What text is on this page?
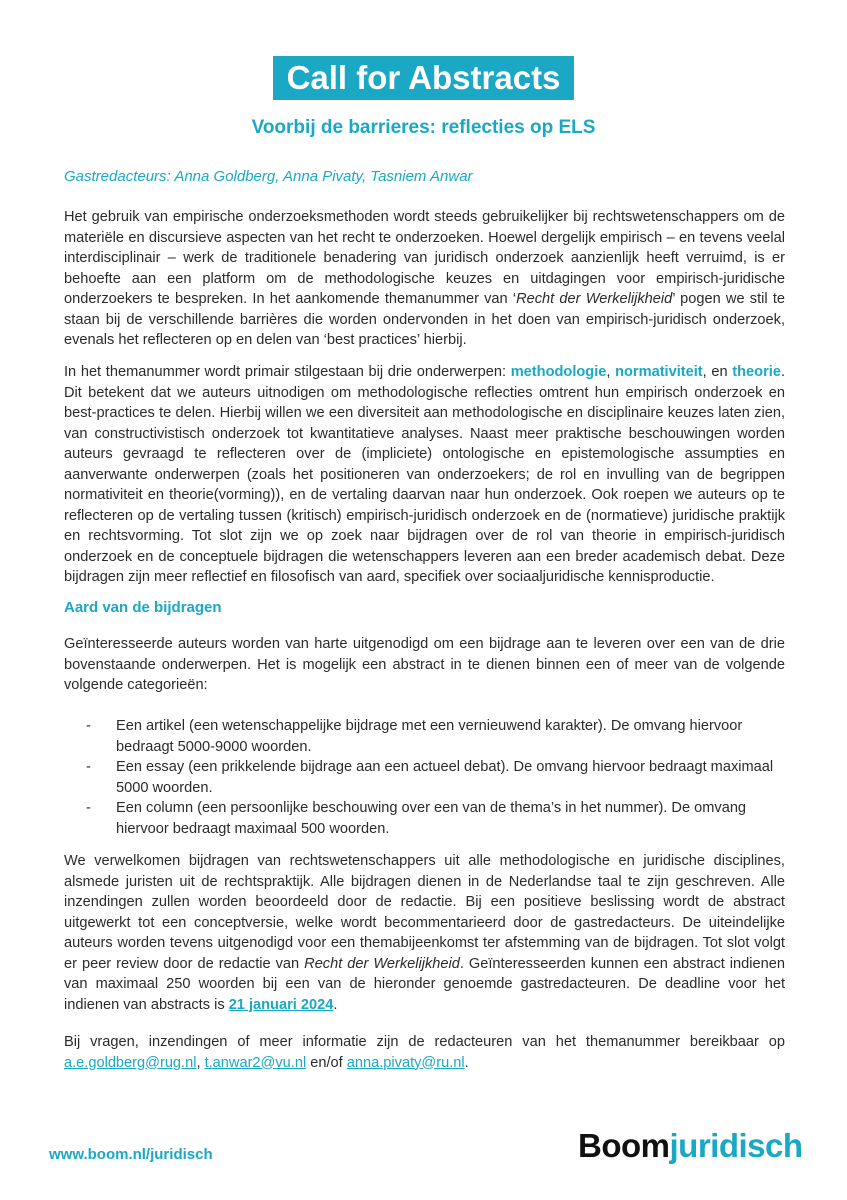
Call for Abstracts
Voorbij de barrieres: reflecties op ELS
Gastredacteurs: Anna Goldberg, Anna Pivaty, Tasniem Anwar
Het gebruik van empirische onderzoeksmethoden wordt steeds gebruikelijker bij rechtswetenschappers om de materiële en discursieve aspecten van het recht te onderzoeken. Hoewel dergelijk empirisch – en tevens veelal interdisciplinair – werk de traditionele benadering van juridisch onderzoek aanzienlijk heeft verruimd, is er behoefte aan een platform om de methodologische keuzes en uitdagingen voor empirisch-juridische onderzoekers te bespreken. In het aankomende themanummer van ‘Recht der Werkelijkheid’ pogen we stil te staan bij de verschillende barrières die worden ondervonden in het doen van empirisch-juridisch onderzoek, evenals het reflecteren op en delen van ‘best practices’ hierbij.
In het themanummer wordt primair stilgestaan bij drie onderwerpen: methodologie, normativiteit, en theorie. Dit betekent dat we auteurs uitnodigen om methodologische reflecties omtrent hun empirisch onderzoek en best-practices te delen. Hierbij willen we een diversiteit aan methodologische en disciplinaire keuzes laten zien, van constructivistisch onderzoek tot kwantitatieve analyses. Naast meer praktische beschouwingen worden auteurs gevraagd te reflecteren over de (impliciete) ontologische en epistemologische assumpties en aanverwante onderwerpen (zoals het positioneren van onderzoekers; de rol en invulling van de begrippen normativiteit en theorie(vorming)), en de vertaling daarvan naar hun onderzoek. Ook roepen we auteurs op te reflecteren op de vertaling tussen (kritisch) empirisch-juridisch onderzoek en de (normatieve) juridische praktijk en rechtsvorming. Tot slot zijn we op zoek naar bijdragen over de rol van theorie in empirisch-juridisch onderzoek en de conceptuele bijdragen die wetenschappers leveren aan een breder academisch debat. Deze bijdragen zijn meer reflectief en filosofisch van aard, specifiek over sociaaljuridische kennisproductie.
Aard van de bijdragen
Geïnteresseerde auteurs worden van harte uitgenodigd om een bijdrage aan te leveren over een van de drie bovenstaande onderwerpen. Het is mogelijk een abstract in te dienen binnen een of meer van de volgende volgende categorieën:
-	Een artikel (een wetenschappelijke bijdrage met een vernieuwend karakter). De omvang hiervoor bedraagt 5000-9000 woorden.
-	Een essay (een prikkelende bijdrage aan een actueel debat). De omvang hiervoor bedraagt maximaal 5000 woorden.
-	Een column (een persoonlijke beschouwing over een van de thema’s in het nummer). De omvang hiervoor bedraagt maximaal 500 woorden.
We verwelkomen bijdragen van rechtswetenschappers uit alle methodologische en juridische disciplines, alsmede juristen uit de rechtspraktijk. Alle bijdragen dienen in de Nederlandse taal te zijn geschreven. Alle inzendingen zullen worden beoordeeld door de redactie. Bij een positieve beslissing wordt de abstract uitgewerkt tot een conceptversie, welke wordt becommentarieerd door de gastredacteurs. De uiteindelijke auteurs worden tevens uitgenodigd voor een themabijeenkomst ter afstemming van de bijdragen. Tot slot volgt er peer review door de redactie van Recht der Werkelijkheid. Geïnteresseerden kunnen een abstract indienen van maximaal 250 woorden bij een van de hieronder genoemde gastredacteuren. De deadline voor het indienen van abstracts is 21 januari 2024.
Bij vragen, inzendingen of meer informatie zijn de redacteuren van het themanummer bereikbaar op a.e.goldberg@rug.nl, t.anwar2@vu.nl en/of anna.pivaty@ru.nl.
www.boom.nl/juridisch	Boomjuridisch
